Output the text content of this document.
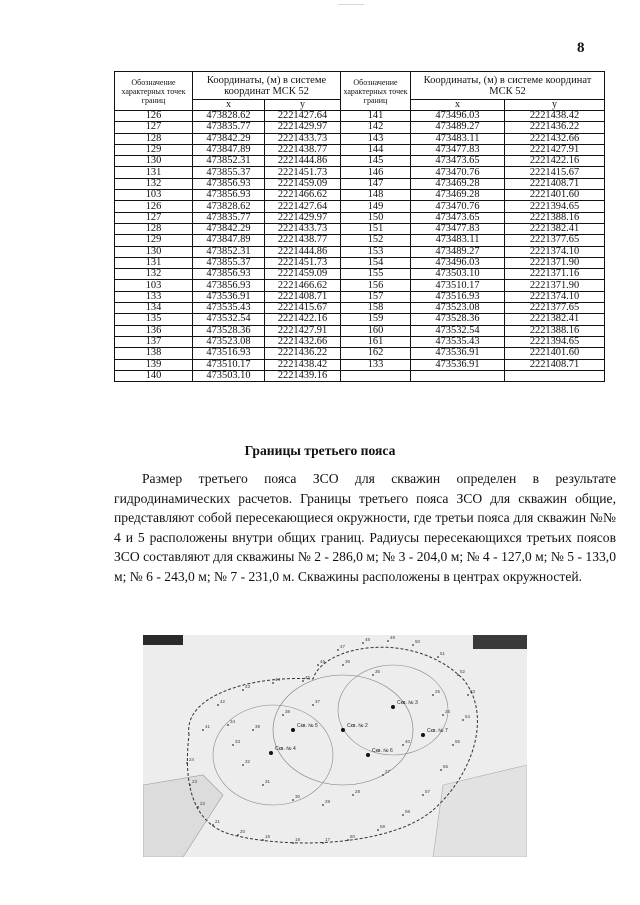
8
Обозначение характерных точек границ	Координаты, (м) в системе координат МСК 52		Обозначение характерных точек границ	Координаты, (м) в системе координат МСК 52	
	x	y		x	y
126	473828.62	2221427.64	141	473496.03	2221438.42
127	473835.77	2221429.97	142	473489.27	2221436.22
128	473842.29	2221433.73	143	473483.11	2221432.66
129	473847.89	2221438.77	144	473477.83	2221427.91
130	473852.31	2221444.86	145	473473.65	2221422.16
131	473855.37	2221451.73	146	473470.76	2221415.67
132	473856.93	2221459.09	147	473469.28	2221408.71
103	473856.93	2221466.62	148	473469.28	2221401.60
126	473828.62	2221427.64	149	473470.76	2221394.65
127	473835.77	2221429.97	150	473473.65	2221388.16
128	473842.29	2221433.73	151	473477.83	2221382.41
129	473847.89	2221438.77	152	473483.11	2221377.65
130	473852.31	2221444.86	153	473489.27	2221374.10
131	473855.37	2221451.73	154	473496.03	2221371.90
132	473856.93	2221459.09	155	473503.10	2221371.16
103	473856.93	2221466.62	156	473510.17	2221371.90
133	473536.91	2221408.71	157	473516.93	2221374.10
134	473535.43	2221415.67	158	473523.08	2221377.65
135	473532.54	2221422.16	159	473528.36	2221382.41
136	473528.36	2221427.91	160	473532.54	2221388.16
137	473523.08	2221432.66	161	473535.43	2221394.65
138	473516.93	2221436.22	162	473536.91	2221401.60
139	473510.17	2221438.42	133	473536.91	2221408.71
140	473503.10	2221439.16			
Границы третьего пояса

Размер третьего пояса ЗСО для скважин определен в результате гидродинамических расчетов. Границы третьего пояса ЗСО для скважин общие, представляют собой пересекающиеся окружности, где третьи пояса для скважин №№ 4 и 5 расположены внутри общих границ. Радиусы пересекающихся третьих поясов ЗСО составляют для скважины № 2 - 286,0 м; № 3 - 204,0 м; № 4 - 127,0 м; № 5 - 133,0 м; № 6 - 243,0 м; № 7 - 231,0 м. Скважины расположены в центрах окружностей.

Скв. № 2
Скв. № 3
Скв. № 4
Скв. № 5
Скв. № 6
Скв. № 7
41
42
43
44	45
46
47
48	49
50
51
52
53
54
55
56
57
58
59
60
17
18
19
20
21
22
23
24
25
26
27
28
29
30
31
32
33
34
35
36
37
38
39
40
